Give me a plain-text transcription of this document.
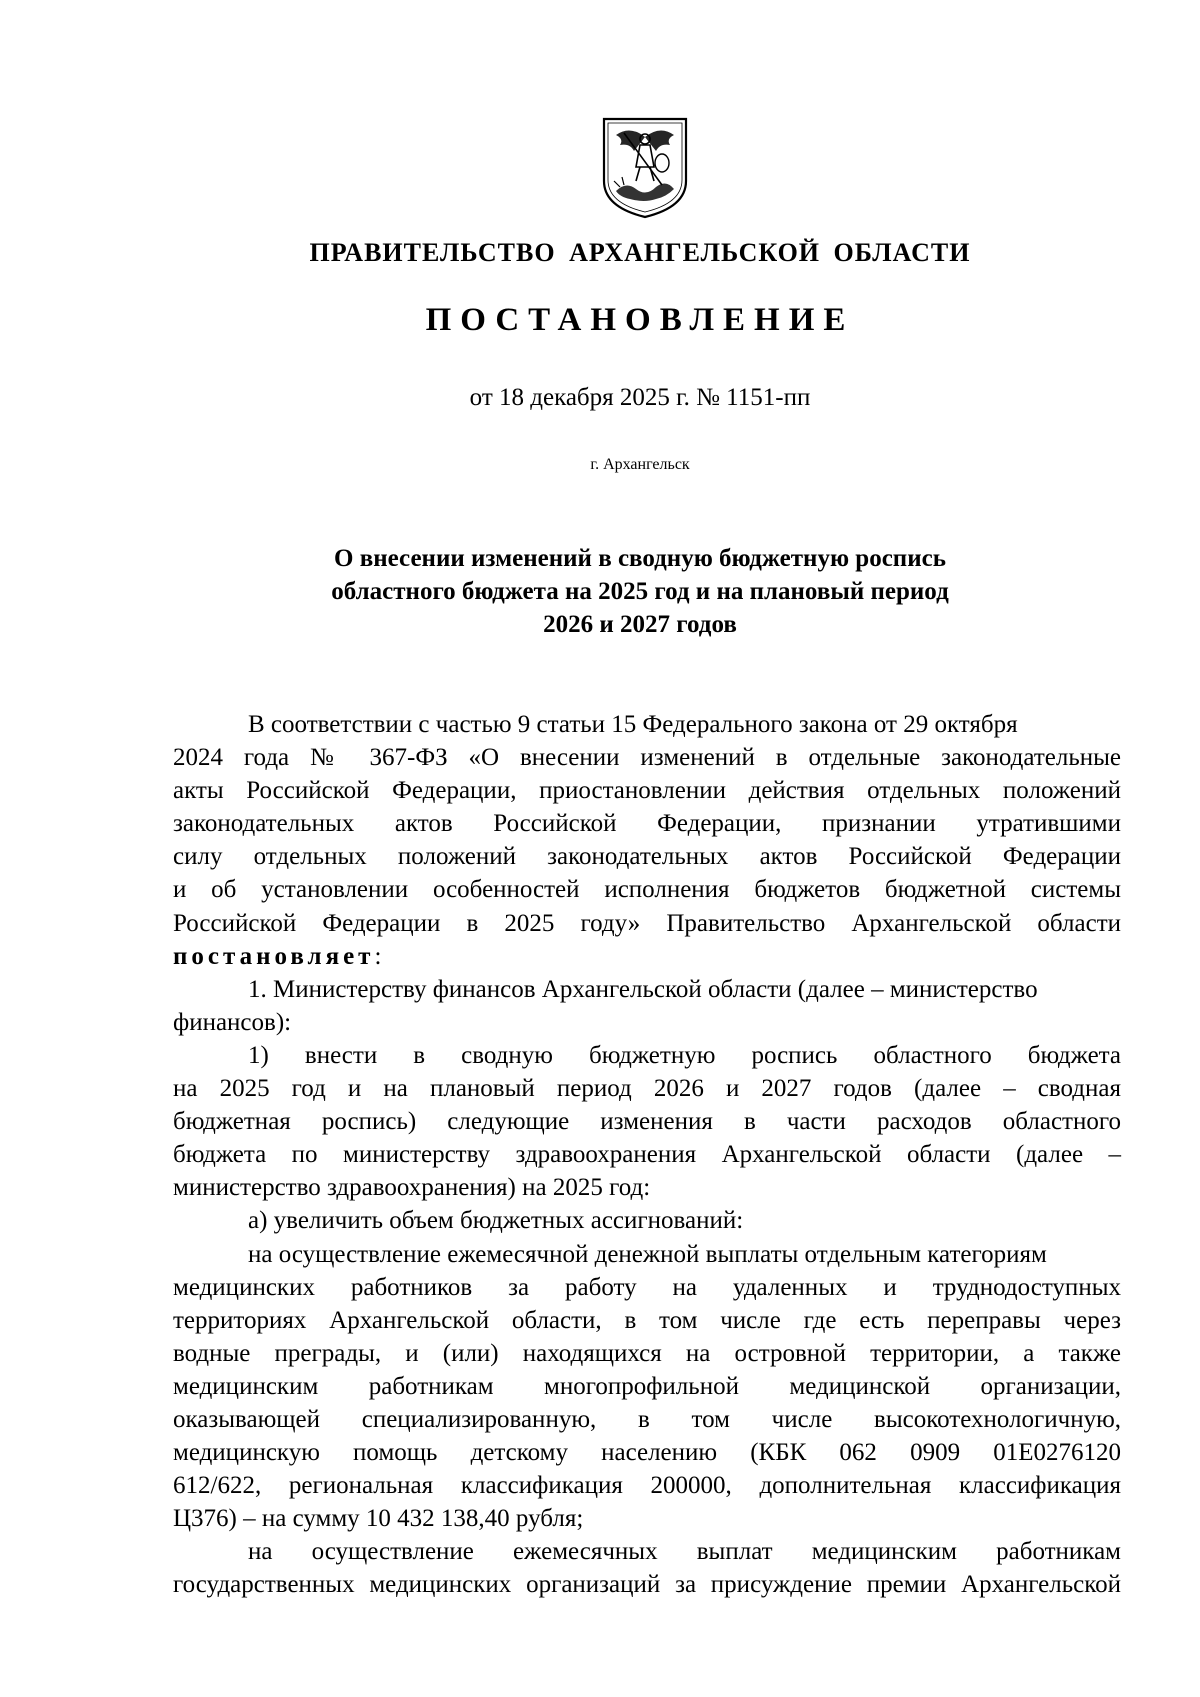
ПРАВИТЕЛЬСТВО АРХАНГЕЛЬСКОЙ ОБЛАСТИ
ПОСТАНОВЛЕНИЕ
от 18 декабря 2025 г. № 1151-пп
г. Архангельск
О внесении изменений в сводную бюджетную роспись
областного бюджета на 2025 год и на плановый период
2026 и 2027 годов
В соответствии с частью 9 статьи 15 Федерального закона от 29 октября
2024 года № 367-ФЗ «О внесении изменений в отдельные законодательные
акты Российской Федерации, приостановлении действия отдельных положений
законодательных актов Российской Федерации, признании утратившими
силу отдельных положений законодательных актов Российской Федерации
и об установлении особенностей исполнения бюджетов бюджетной системы
Российской Федерации в 2025 году» Правительство Архангельской области
постановляет:
1. Министерству финансов Архангельской области (далее – министерство
финансов):
1) внести в сводную бюджетную роспись областного бюджета
на 2025 год и на плановый период 2026 и 2027 годов (далее – сводная
бюджетная роспись) следующие изменения в части расходов областного
бюджета по министерству здравоохранения Архангельской области (далее –
министерство здравоохранения) на 2025 год:
а) увеличить объем бюджетных ассигнований:
на осуществление ежемесячной денежной выплаты отдельным категориям
медицинских работников за работу на удаленных и труднодоступных
территориях Архангельской области, в том числе где есть переправы через
водные преграды, и (или) находящихся на островной территории, а также
медицинским работникам многопрофильной медицинской организации,
оказывающей специализированную, в том числе высокотехнологичную,
медицинскую помощь детскому населению (КБК 062 0909 01Е0276120
612/622, региональная классификация 200000, дополнительная классификация
Ц376) – на сумму 10 432 138,40 рубля;
на осуществление ежемесячных выплат медицинским работникам
государственных медицинских организаций за присуждение премии Архангельской
